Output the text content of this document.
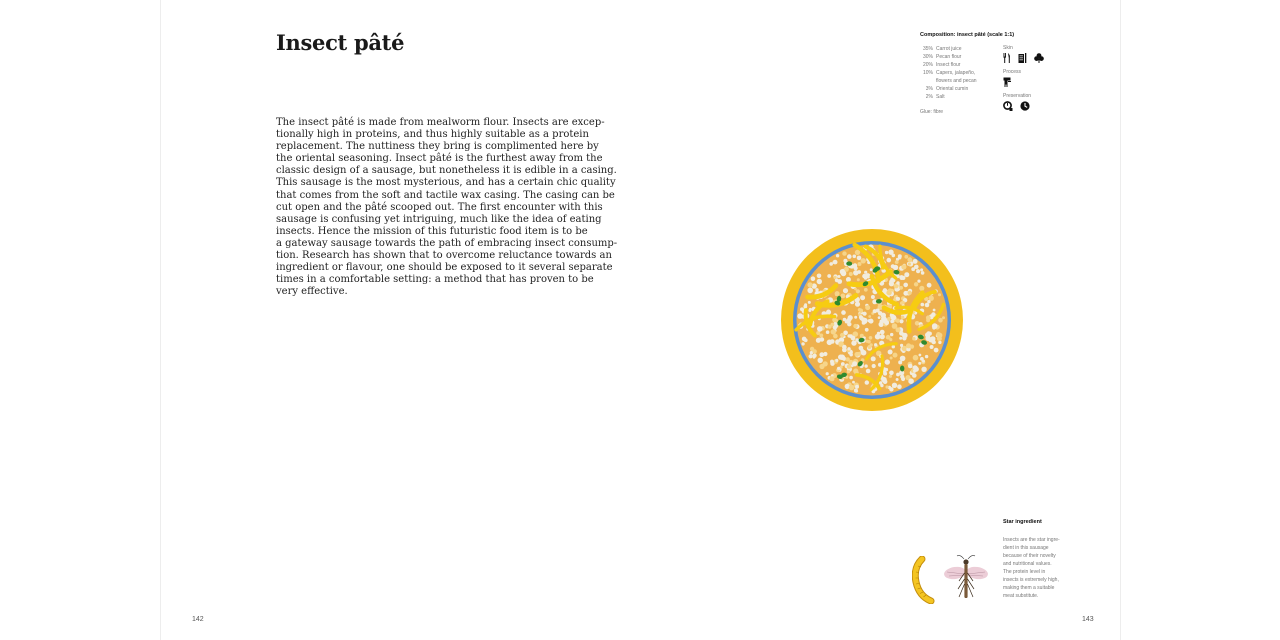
Insect pâté

The insect pâté is made from mealworm flour. Insects are excep-
tionally high in proteins, and thus highly suitable as a protein
replacement. The nuttiness they bring is complimented here by
the oriental seasoning. Insect pâté is the furthest away from the
classic design of a sausage, but nonetheless it is edible in a casing.
This sausage is the most mysterious, and has a certain chic quality
that comes from the soft and tactile wax casing. The casing can be
cut open and the pâté scooped out. The first encounter with this
sausage is confusing yet intriguing, much like the idea of eating
insects. Hence the mission of this futuristic food item is to be
a gateway sausage towards the path of embracing insect consump-
tion. Research has shown that to overcome reluctance towards an
ingredient or flavour, one should be exposed to it several separate
times in a comfortable setting: a method that has proven to be
very effective.

142
Composition: insect pâté (scale 1:1)
35% Carrot juice
30% Pecan flour
20% Insect flour
10% Capers, jalapeño,
flowers and pecan
3% Oriental cumin
2% Salt
Glue: fibre
Skin
Process
Preservation
Star ingredient
Insects are the star ingre-
dient in this sausage
because of their novelty
and nutritional values.
The protein level in
insects is extremely high,
making them a suitable
meat substitute.
143
